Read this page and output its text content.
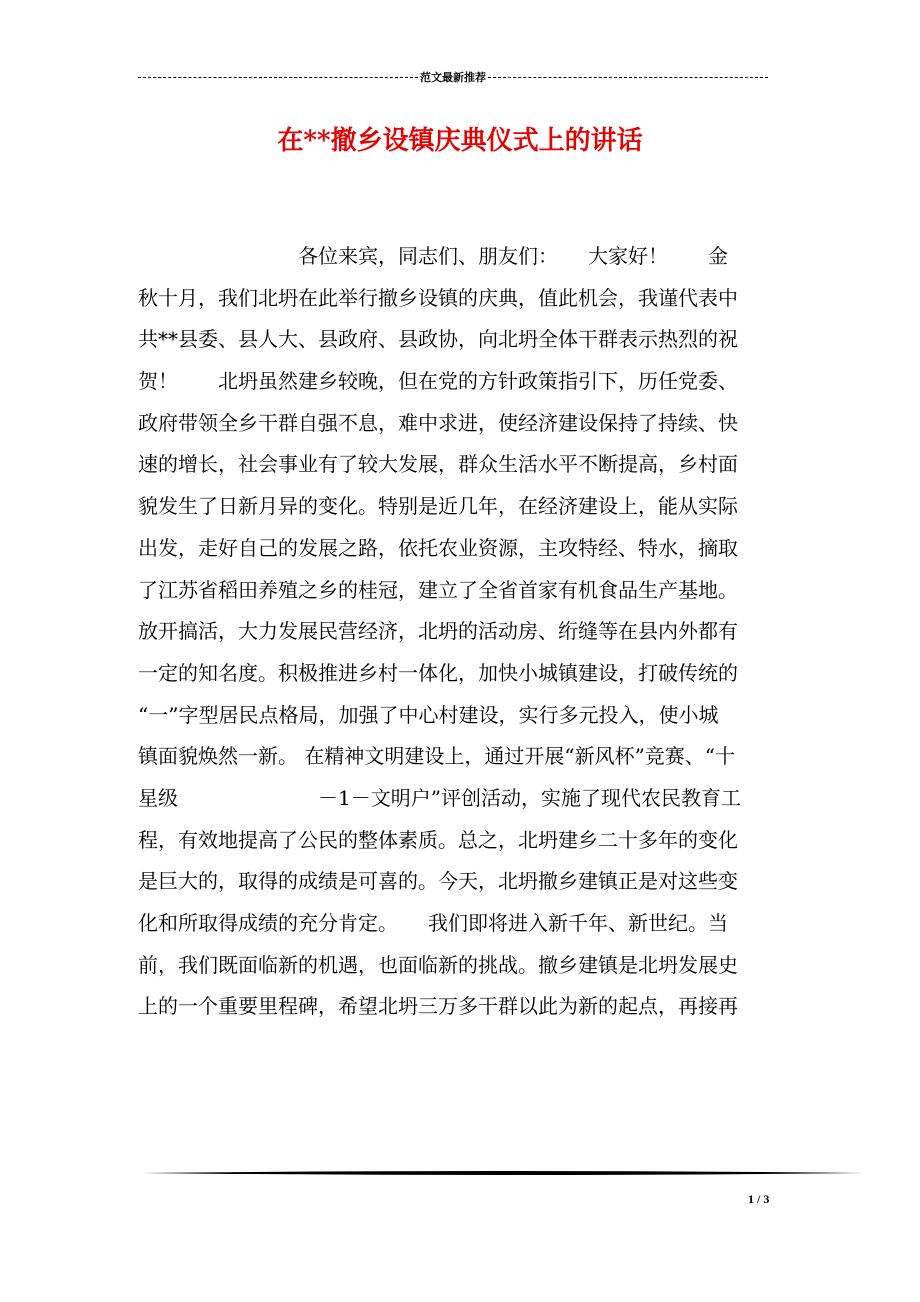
范文最新推荐
在**撤乡设镇庆典仪式上的讲话
　　　　　　　　各位来宾，同志们、朋友们：　　大家好！　　金
秋十月，我们北坍在此举行撤乡设镇的庆典，值此机会，我谨代表中
共**县委、县人大、县政府、县政协，向北坍全体干群表示热烈的祝
贺！　　北坍虽然建乡较晚，但在党的方针政策指引下，历任党委、
政府带领全乡干群自强不息，难中求进，使经济建设保持了持续、快
速的增长，社会事业有了较大发展，群众生活水平不断提高，乡村面
貌发生了日新月异的变化。特别是近几年，在经济建设上，能从实际
出发，走好自己的发展之路，依托农业资源，主攻特经、特水，摘取
了江苏省稻田养殖之乡的桂冠，建立了全省首家有机食品生产基地。
放开搞活，大力发展民营经济，北坍的活动房、绗缝等在县内外都有
一定的知名度。积极推进乡村一体化，加快小城镇建设，打破传统的
“一”字型居民点格局，加强了中心村建设，实行多元投入，使小城
镇面貌焕然一新。 在精神文明建设上，通过开展“新风杯”竞赛、“十
星级　　　　　　　－1－文明户”评创活动，实施了现代农民教育工
程，有效地提高了公民的整体素质。总之，北坍建乡二十多年的变化
是巨大的，取得的成绩是可喜的。今天，北坍撤乡建镇正是对这些变
化和所取得成绩的充分肯定。　　我们即将进入新千年、新世纪。当
前，我们既面临新的机遇，也面临新的挑战。撤乡建镇是北坍发展史
上的一个重要里程碑，希望北坍三万多干群以此为新的起点，再接再
1 / 3
